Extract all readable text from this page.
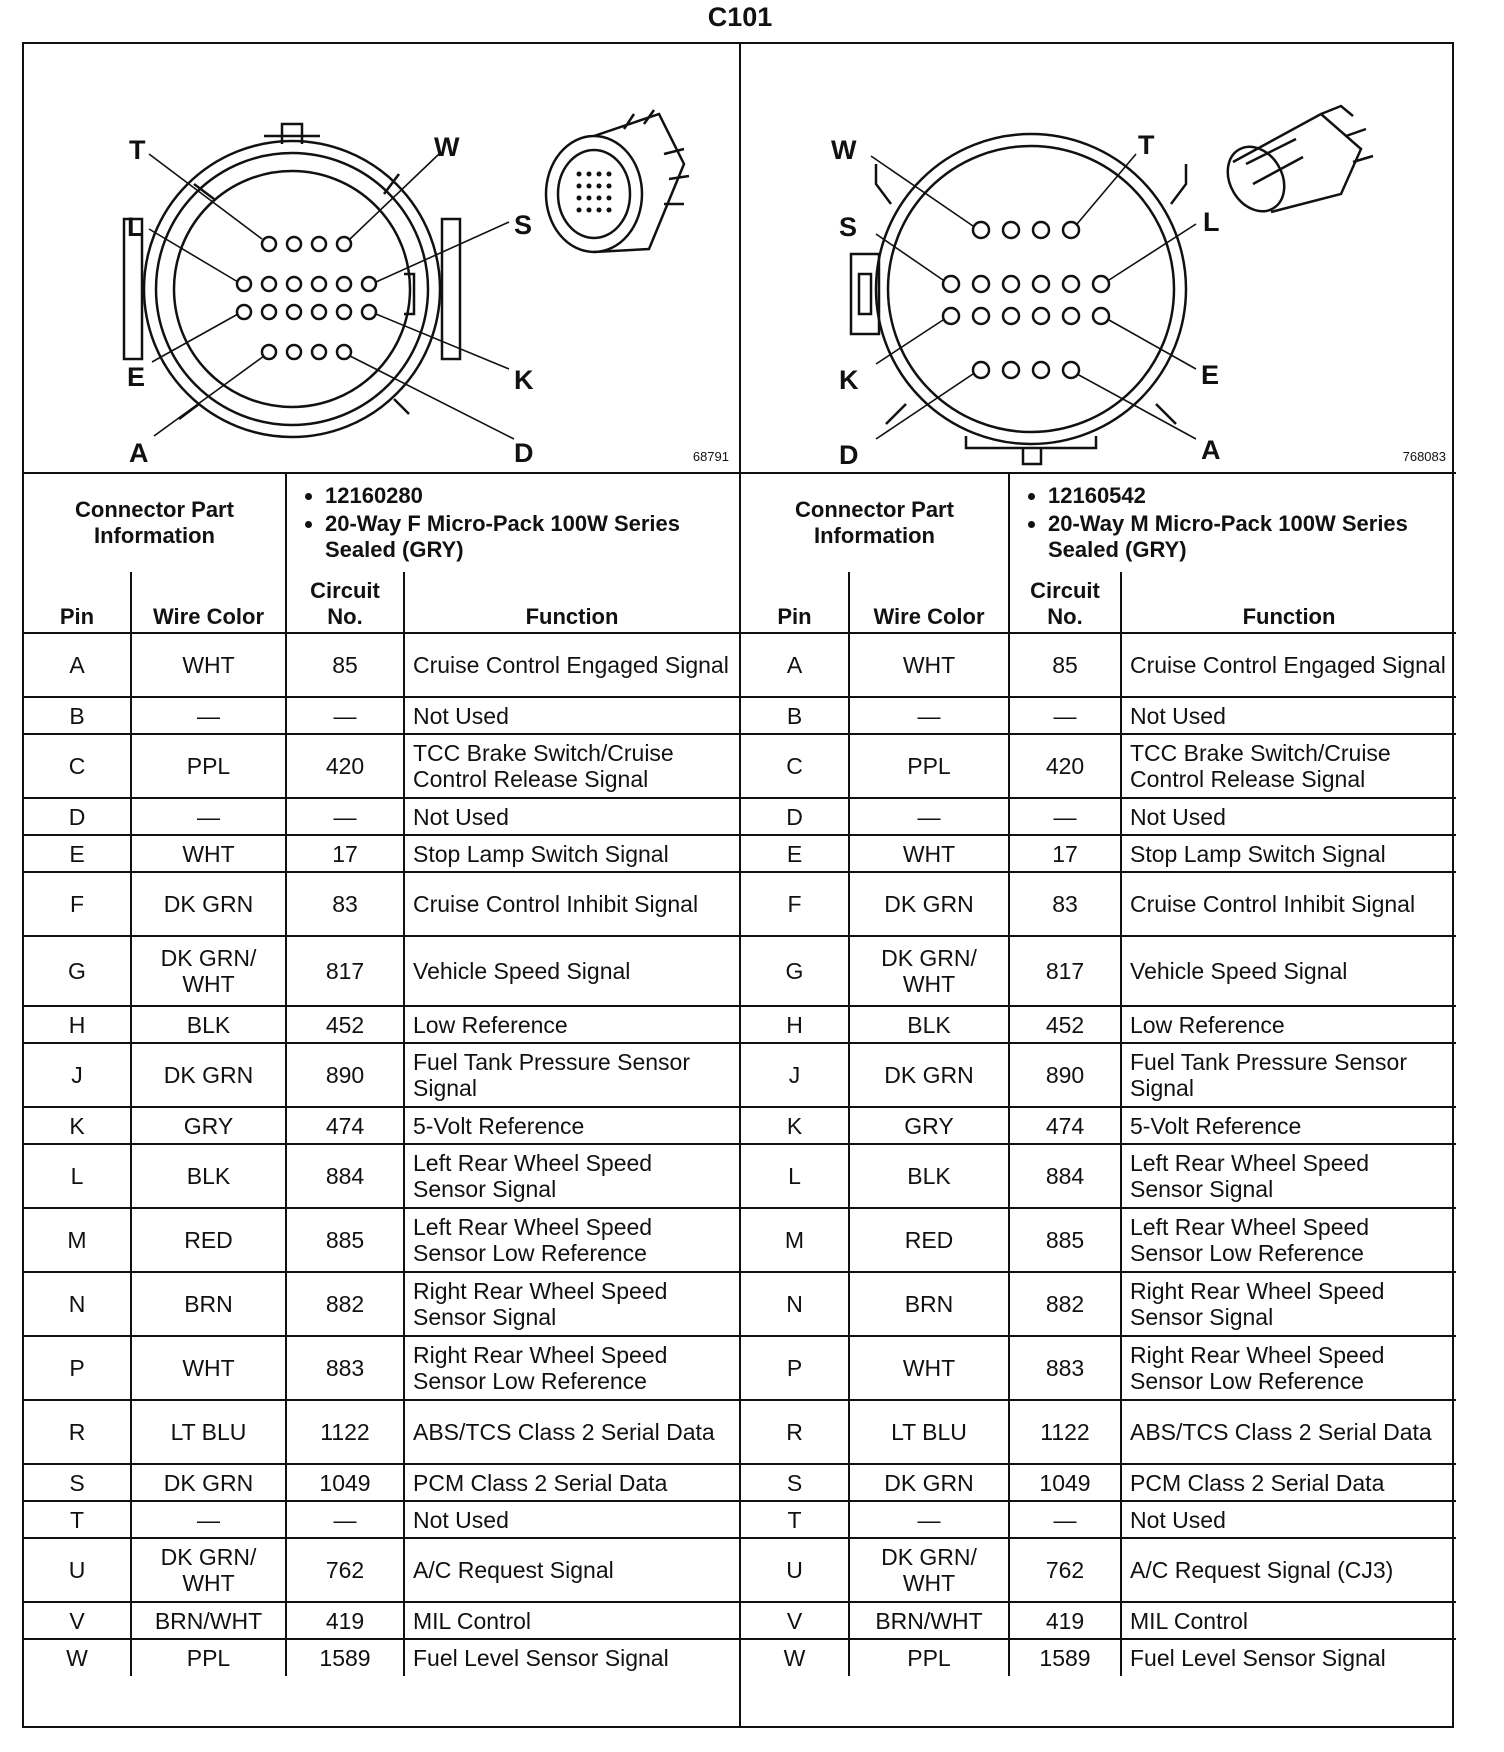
C101
T	W
L	S
E	K
A	D	68791
Connector Part Information	
• 12160280
• 20-Way F Micro-Pack 100W Series Sealed (GRY)
Pin	Wire Color	Circuit No.	Function
A	WHT	85	Cruise Control Engaged Signal
B	—	—	Not Used
C	PPL	420	TCC Brake Switch/Cruise Control Release Signal
D	—	—	Not Used
E	WHT	17	Stop Lamp Switch Signal
F	DK GRN	83	Cruise Control Inhibit Signal
G	DK GRN/ WHT	817	Vehicle Speed Signal
H	BLK	452	Low Reference
J	DK GRN	890	Fuel Tank Pressure Sensor Signal
K	GRY	474	5-Volt Reference
L	BLK	884	Left Rear Wheel Speed Sensor Signal
M	RED	885	Left Rear Wheel Speed Sensor Low Reference
N	BRN	882	Right Rear Wheel Speed Sensor Signal
P	WHT	883	Right Rear Wheel Speed Sensor Low Reference
R	LT BLU	1122	ABS/TCS Class 2 Serial Data
S	DK GRN	1049	PCM Class 2 Serial Data
T	—	—	Not Used
U	DK GRN/ WHT	762	A/C Request Signal
V	BRN/WHT	419	MIL Control
W	PPL	1589	Fuel Level Sensor Signal
W	T
S	L
K	E
D	A	768083
Connector Part Information	
• 12160542
• 20-Way M Micro-Pack 100W Series Sealed (GRY)
Pin	Wire Color	Circuit No.	Function
A	WHT	85	Cruise Control Engaged Signal
B	—	—	Not Used
C	PPL	420	TCC Brake Switch/Cruise Control Release Signal
D	—	—	Not Used
E	WHT	17	Stop Lamp Switch Signal
F	DK GRN	83	Cruise Control Inhibit Signal
G	DK GRN/ WHT	817	Vehicle Speed Signal
H	BLK	452	Low Reference
J	DK GRN	890	Fuel Tank Pressure Sensor Signal
K	GRY	474	5-Volt Reference
L	BLK	884	Left Rear Wheel Speed Sensor Signal
M	RED	885	Left Rear Wheel Speed Sensor Low Reference
N	BRN	882	Right Rear Wheel Speed Sensor Signal
P	WHT	883	Right Rear Wheel Speed Sensor Low Reference
R	LT BLU	1122	ABS/TCS Class 2 Serial Data
S	DK GRN	1049	PCM Class 2 Serial Data
T	—	—	Not Used
U	DK GRN/ WHT	762	A/C Request Signal (CJ3)
V	BRN/WHT	419	MIL Control
W	PPL	1589	Fuel Level Sensor Signal
